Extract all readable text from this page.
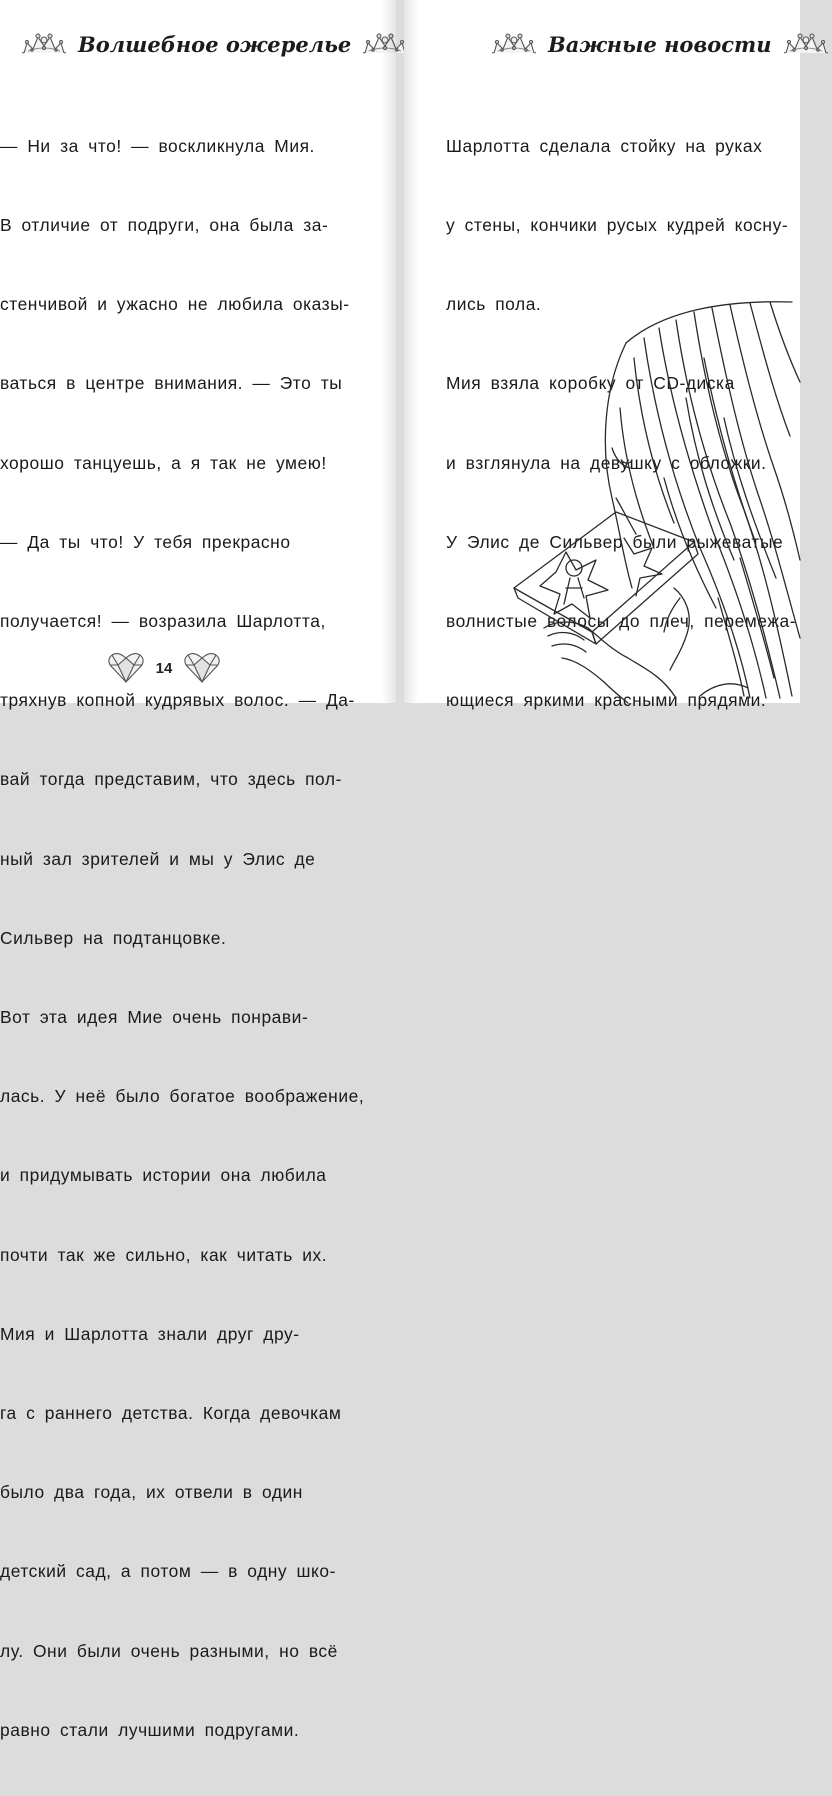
Волшебное ожерелье

— Ни за что! — воскликнула Мия.

В отличие от подруги, она была за-

стенчивой и ужасно не любила оказы-

ваться в центре внимания. — Это ты

хорошо танцуешь, а я так не умею!

— Да ты что! У тебя прекрасно

получается! — возразила Шарлотта,

тряхнув копной кудрявых волос. — Да-

вай тогда представим, что здесь пол-

ный зал зрителей и мы у Элис де

Сильвер на подтанцовке.

Вот эта идея Мие очень понрави-

лась. У неё было богатое воображение,

и придумывать истории она любила

почти так же сильно, как читать их.

Мия и Шарлотта знали друг дру-

га с раннего детства. Когда девочкам

было два года, их отвели в один

детский сад, а потом — в одну шко-

лу. Они были очень разными, но всё

равно стали лучшими подругами.

14
Важные новости

Шарлотта сделала стойку на руках

у стены, кончики русых кудрей косну-

лись пола.

Мия взяла коробку от CD-диска

и взглянула на девушку с обложки.

У Элис де Сильвер были рыжеватые

волнистые волосы до плеч, перемежа-

ющиеся яркими красными прядями.
